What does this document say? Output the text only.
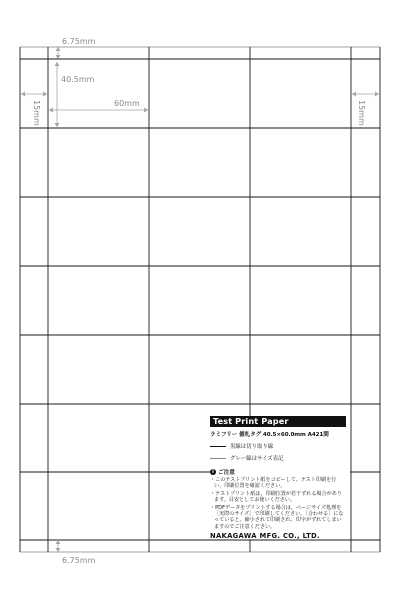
6.75mm
40.5mm
60mm
15mm	15mm
6.75mm
Test Print Paper
ラミフリー 値札タグ 40.5×60.0mm A421間
黒線は切り取り線
グレー線はサイズ表記
i ご注意
・このテストプリント紙をコピーして、テスト印刷を行い、印刷位置を確認ください。
・テストプリント紙は、印刷位置が若干ずれる場合があります。目安としてお使いください。
・PDFデータをプリントする場合は、ページサイズ処理を［実際のサイズ］で印刷してください。［合わせる］になっていると、縮小されて印刷され、印字がずれてしまいますのでご注意ください。
NAKAGAWA MFG. CO., LTD.
